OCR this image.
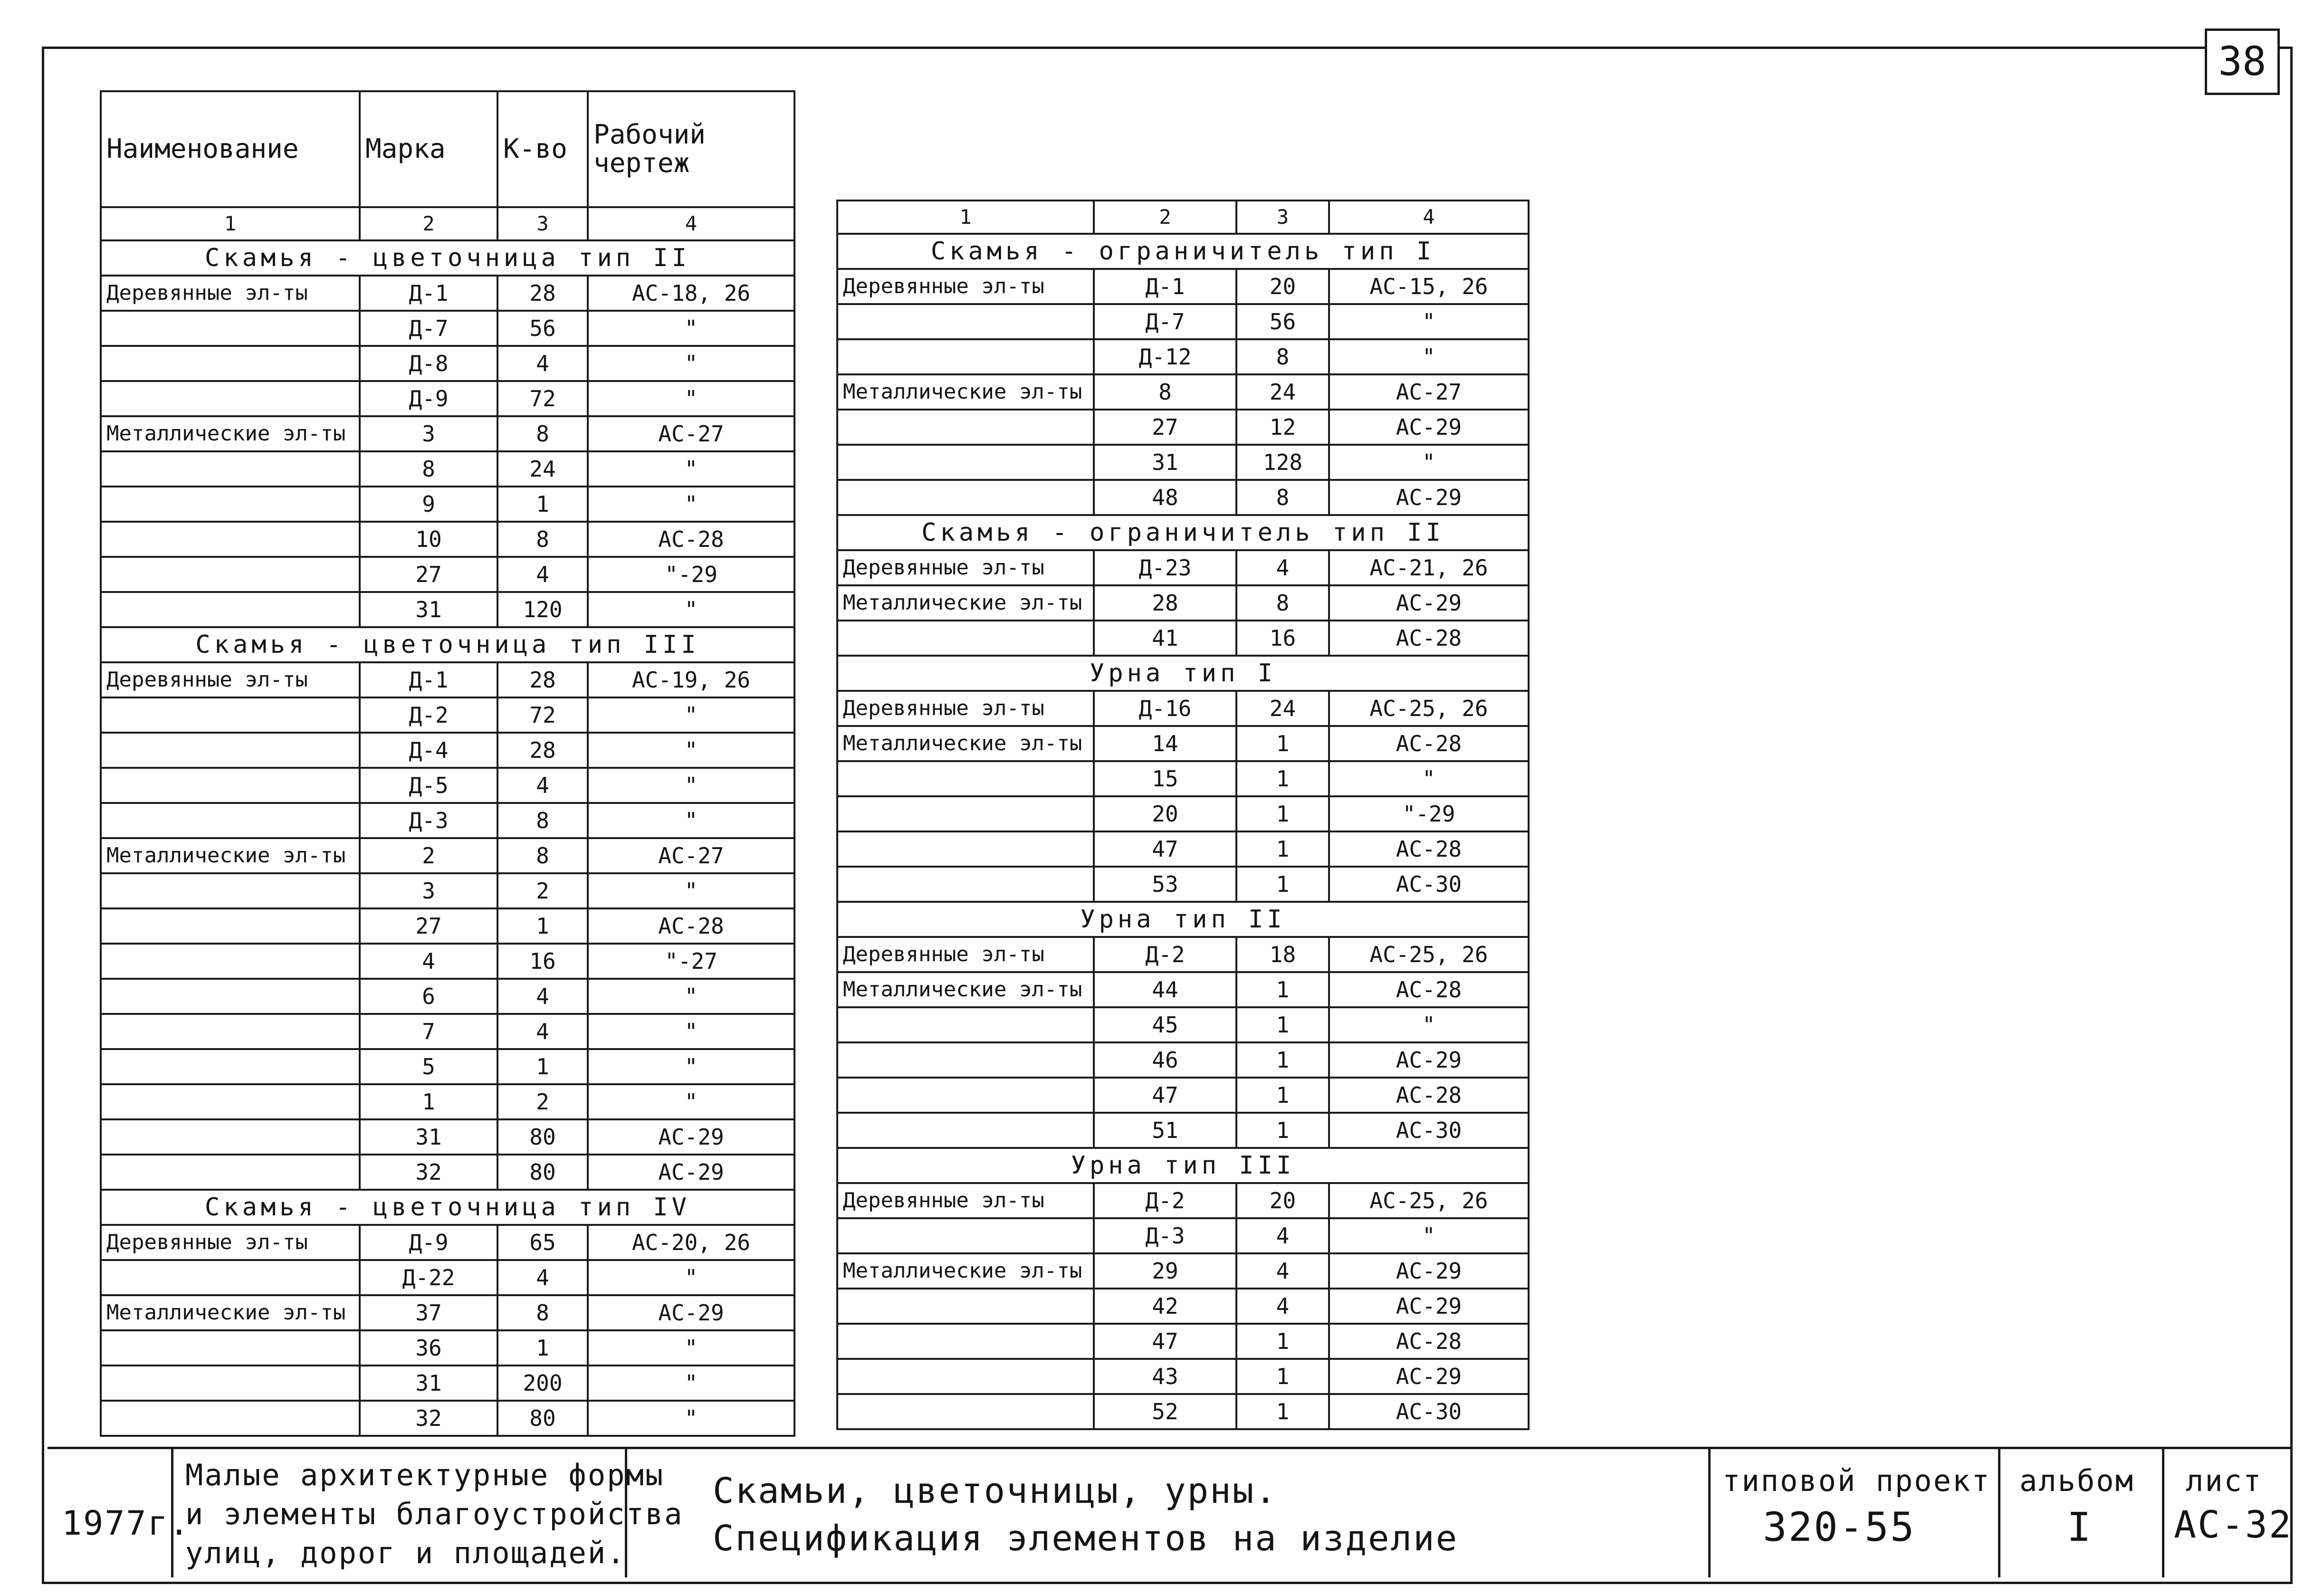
38
Наименование	Марка	К-во	Рабочий чертеж
1	2	3	4
Скамья - цветочница тип II			
Деревянные эл-ты	Д-1	28	АС-18, 26
	Д-7	56	"
	Д-8	4	"
	Д-9	72	"
Металлические эл-ты	3	8	АС-27
	8	24	"
	9	1	"
	10	8	АС-28
	27	4	"-29
	31	120	"
Скамья - цветочница тип III			
Деревянные эл-ты	Д-1	28	АС-19, 26
	Д-2	72	"
	Д-4	28	"
	Д-5	4	"
	Д-3	8	"
Металлические эл-ты	2	8	АС-27
	3	2	"
	27	1	АС-28
	4	16	"-27
	6	4	"
	7	4	"
	5	1	"
	1	2	"
	31	80	АС-29
	32	80	АС-29
Скамья - цветочница тип IV			
Деревянные эл-ты	Д-9	65	АС-20, 26
	Д-22	4	"
Металлические эл-ты	37	8	АС-29
	36	1	"
	31	200	"
	32	80	"
1	2	3	4
Скамья - ограничитель тип I			
Деревянные эл-ты	Д-1	20	АС-15, 26
	Д-7	56	"
	Д-12	8	"
Металлические эл-ты	8	24	АС-27
	27	12	АС-29
	31	128	"
	48	8	АС-29
Скамья - ограничитель тип II			
Деревянные эл-ты	Д-23	4	АС-21, 26
Металлические эл-ты	28	8	АС-29
	41	16	АС-28
Урна тип I			
Деревянные эл-ты	Д-16	24	АС-25, 26
Металлические эл-ты	14	1	АС-28
	15	1	"
	20	1	"-29
	47	1	АС-28
	53	1	АС-30
Урна тип II			
Деревянные эл-ты	Д-2	18	АС-25, 26
Металлические эл-ты	44	1	АС-28
	45	1	"
	46	1	АС-29
	47	1	АС-28
	51	1	АС-30
Урна тип III			
Деревянные эл-ты	Д-2	20	АС-25, 26
	Д-3	4	"
Металлические эл-ты	29	4	АС-29
	42	4	АС-29
	47	1	АС-28
	43	1	АС-29
	52	1	АС-30
1977г.
Малые архитектурные формы
и элементы благоустройства
улиц, дорог и площадей.
Скамьи, цветочницы, урны.
Спецификация элементов на изделие
типовой проект
320-55
альбом
I
лист
АС-32
